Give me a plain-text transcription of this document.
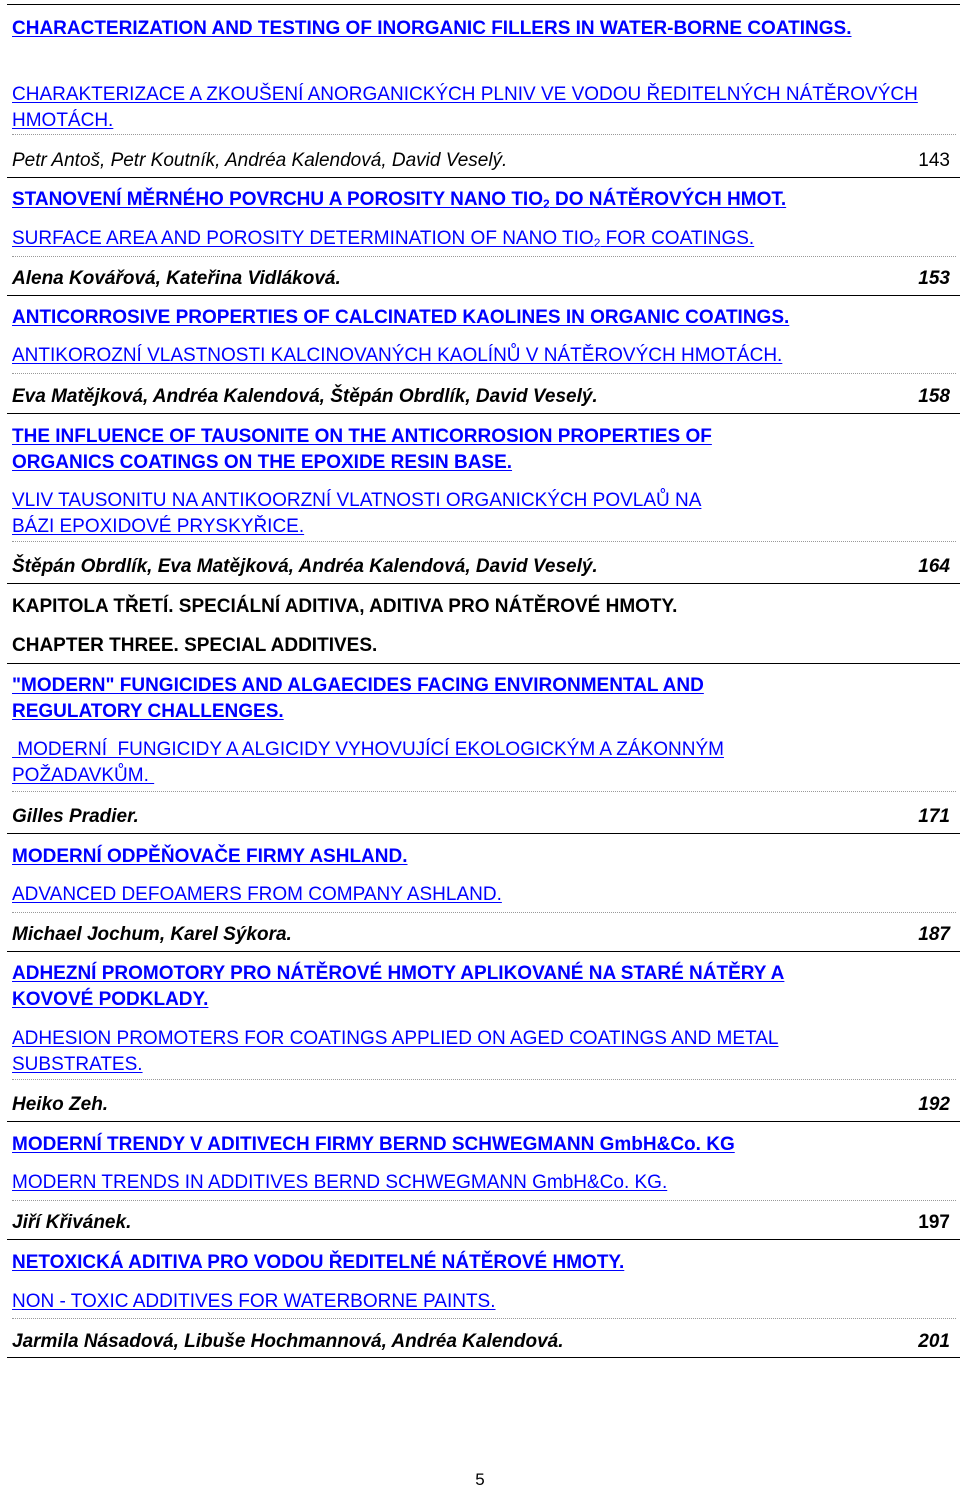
CHARACTERIZATION AND TESTING OF INORGANIC FILLERS IN WATER-BORNE COATINGS.
CHARAKTERIZACE A ZKOUŠENÍ ANORGANICKÝCH PLNIV VE VODOU ŘEDITELNÝCH NÁTĚROVÝCH HMOTÁCH.
Petr Antoš, Petr Koutník, Andréa Kalendová, David Veselý.	143
STANOVENÍ MĚRNÉHO POVRCHU A POROSITY NANO $TIO_2$ DO NÁTĚROVÝCH HMOT.
SURFACE AREA AND POROSITY DETERMINATION OF NANO $TIO_2$ FOR COATINGS.
Alena Kovářová, Kateřina Vidláková.	153
ANTICORROSIVE PROPERTIES OF CALCINATED KAOLINES IN ORGANIC COATINGS.
ANTIKOROZNÍ VLASTNOSTI KALCINOVANÝCH KAOLÍNŮ V NÁTĚROVÝCH HMOTÁCH.
Eva Matějková, Andréa Kalendová, Štěpán Obrdlík, David Veselý.	158
THE INFLUENCE OF TAUSONITE ON THE ANTICORROSION PROPERTIES OF
ORGANICS COATINGS ON THE EPOXIDE RESIN BASE.
VLIV TAUSONITU NA ANTIKOORZNÍ VLATNOSTI ORGANICKÝCH POVLAŮ NA
BÁZI EPOXIDOVÉ PRYSKYŘICE.
Štěpán Obrdlík, Eva Matějková, Andréa Kalendová, David Veselý.	164
KAPITOLA TŘETÍ. SPECIÁLNÍ ADITIVA, ADITIVA PRO NÁTĚROVÉ HMOTY.
CHAPTER THREE. SPECIAL ADDITIVES.
"MODERN" FUNGICIDES AND ALGAECIDES FACING ENVIRONMENTAL AND
REGULATORY CHALLENGES.
MODERNÍ  FUNGICIDY A ALGICIDY VYHOVUJÍCÍ EKOLOGICKÝM A ZÁKONNÝM
POŽADAVKŮM.
Gilles Pradier.	171
MODERNÍ ODPĚŇOVAČE FIRMY ASHLAND.
ADVANCED DEFOAMERS FROM COMPANY ASHLAND.
Michael Jochum, Karel Sýkora.	187
ADHEZNÍ PROMOTORY PRO NÁTĚROVÉ HMOTY APLIKOVANÉ NA STARÉ NÁTĚRY A
KOVOVÉ PODKLADY.
ADHESION PROMOTERS FOR COATINGS APPLIED ON AGED COATINGS AND METAL
SUBSTRATES.
Heiko Zeh.	192
MODERNÍ TRENDY V ADITIVECH FIRMY BERND SCHWEGMANN GmbH&Co. KG
MODERN TRENDS IN ADDITIVES BERND SCHWEGMANN GmbH&Co. KG.
Jiří Křivánek.	197
NETOXICKÁ ADITIVA PRO VODOU ŘEDITELNÉ NÁTĚROVÉ HMOTY.
NON - TOXIC ADDITIVES FOR WATERBORNE PAINTS.
Jarmila Násadová, Libuše Hochmannová, Andréa Kalendová.	201
5
